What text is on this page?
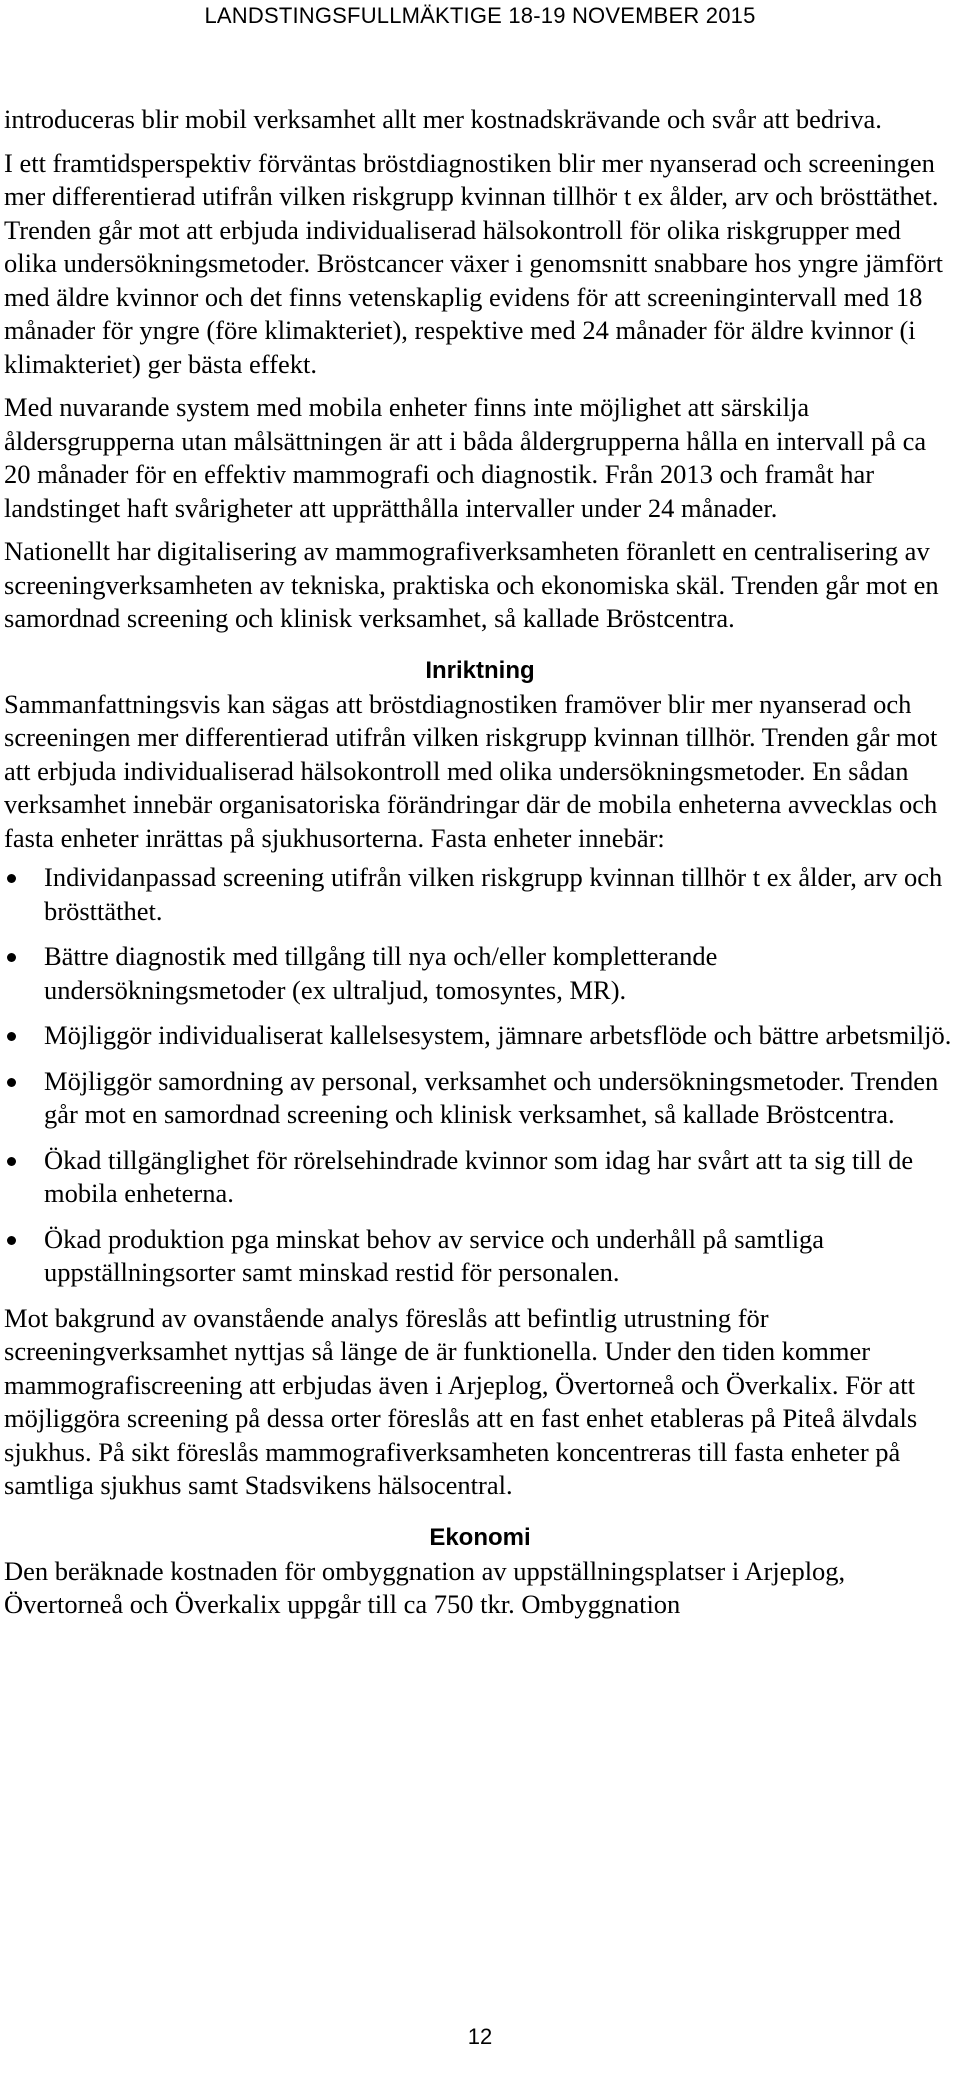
LANDSTINGSFULLMÄKTIGE 18-19 NOVEMBER 2015

introduceras blir mobil verksamhet allt mer kostnadskrävande och svår att bedriva.

I ett framtidsperspektiv förväntas bröstdiagnostiken blir mer nyanserad och screeningen mer differentierad utifrån vilken riskgrupp kvinnan tillhör t ex ålder, arv och brösttäthet. Trenden går mot att erbjuda individualiserad hälsokontroll för olika riskgrupper med olika undersökningsmetoder. Bröstcancer växer i genomsnitt snabbare hos yngre jämfört med äldre kvinnor och det finns vetenskaplig evidens för att screeningintervall med 18 månader för yngre (före klimakteriet), respektive med 24 månader för äldre kvinnor (i klimakteriet) ger bästa effekt.

Med nuvarande system med mobila enheter finns inte möjlighet att särskilja åldersgrupperna utan målsättningen är att i båda åldergrupperna hålla en intervall på ca 20 månader för en effektiv mammografi och diagnostik. Från 2013 och framåt har landstinget haft svårigheter att upprätthålla intervaller under 24 månader.

Nationellt har digitalisering av mammografiverksamheten föranlett en centralisering av screeningverksamheten av tekniska, praktiska och ekonomiska skäl. Trenden går mot en samordnad screening och klinisk verksamhet, så kallade Bröstcentra.

Inriktning

Sammanfattningsvis kan sägas att bröstdiagnostiken framöver blir mer nyanserad och screeningen mer differentierad utifrån vilken riskgrupp kvinnan tillhör. Trenden går mot att erbjuda individualiserad hälsokontroll med olika undersökningsmetoder. En sådan verksamhet innebär organisatoriska förändringar där de mobila enheterna avvecklas och fasta enheter inrättas på sjukhusorterna. Fasta enheter innebär:

Individanpassad screening utifrån vilken riskgrupp kvinnan tillhör t ex ålder, arv och brösttäthet.
Bättre diagnostik med tillgång till nya och/eller kompletterande undersökningsmetoder (ex ultraljud, tomosyntes, MR).
Möjliggör individualiserat kallelsesystem, jämnare arbetsflöde och bättre arbetsmiljö.
Möjliggör samordning av personal, verksamhet och undersökningsmetoder. Trenden går mot en samordnad screening och klinisk verksamhet, så kallade Bröstcentra.
Ökad tillgänglighet för rörelsehindrade kvinnor som idag har svårt att ta sig till de mobila enheterna.
Ökad produktion pga minskat behov av service och underhåll på samtliga uppställningsorter samt minskad restid för personalen.

Mot bakgrund av ovanstående analys föreslås att befintlig utrustning för screeningverksamhet nyttjas så länge de är funktionella. Under den tiden kommer mammografiscreening att erbjudas även i Arjeplog, Övertorneå och Överkalix. För att möjliggöra screening på dessa orter föreslås att en fast enhet etableras på Piteå älvdals sjukhus. På sikt föreslås mammografiverksamheten koncentreras till fasta enheter på samtliga sjukhus samt Stadsvikens hälsocentral.

Ekonomi

Den beräknade kostnaden för ombyggnation av uppställningsplatser i Arjeplog, Övertorneå och Överkalix uppgår till ca 750 tkr. Ombyggnation

12
